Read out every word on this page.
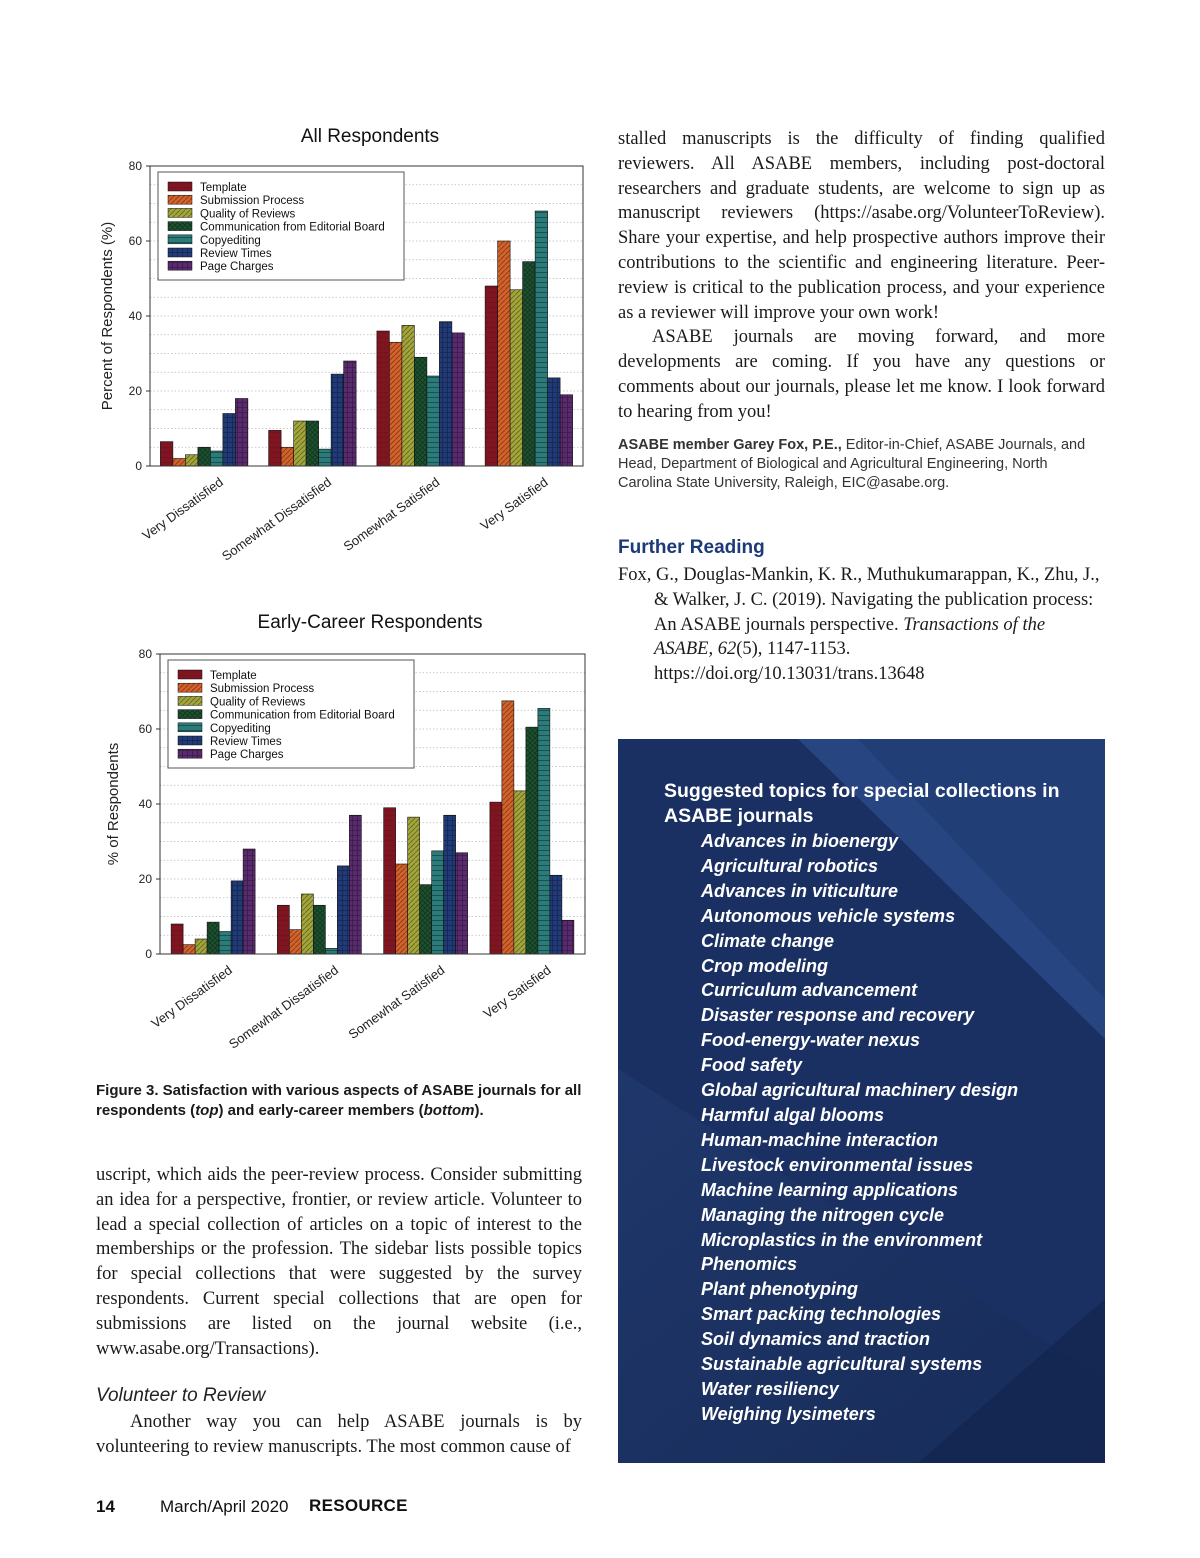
All Respondents
0
20
40
60
80
Very Dissatisfied
Somewhat Dissatisfied Somewhat Satisfied	Very Satisfied
Percent of Respondents (%)
Template
Submission Process
Quality of Reviews
Communication from Editorial Board
Copyediting
Review Times
Page Charges
Early-Career Respondents
0
20
40
60
80
Very Dissatisfied
Somewhat Dissatisfied Somewhat Satisfied	Very Satisfied
% of Respondents
Template
Submission Process
Quality of Reviews
Communication from Editorial Board
Copyediting
Review Times
Page Charges
Figure 3. Satisfaction with various aspects of ASABE journals for all respondents (top) and early-career members (bottom).

uscript, which aids the peer-review process. Consider submitting an idea for a perspective, frontier, or review article. Volunteer to lead a special collection of articles on a topic of interest to the memberships or the profession. The sidebar lists possible topics for special collections that were suggested by the survey respondents. Current special collections that are open for submissions are listed on the journal website (i.e., www.asabe.org/Transactions).

Volunteer to Review

Another way you can help ASABE journals is by volunteering to review manuscripts. The most common cause of

stalled manuscripts is the difficulty of finding qualified reviewers. All ASABE members, including post-doctoral researchers and graduate students, are welcome to sign up as manuscript reviewers (https://asabe.org/VolunteerToReview). Share your expertise, and help prospective authors improve their contributions to the scientific and engineering literature. Peer-review is critical to the publication process, and your experience as a reviewer will improve your own work!

ASABE journals are moving forward, and more developments are coming. If you have any questions or comments about our journals, please let me know. I look forward to hearing from you!

ASABE member Garey Fox, P.E., Editor-in-Chief, ASABE Journals, and Head, Department of Biological and Agricultural Engineering, North Carolina State University, Raleigh, EIC@asabe.org.
Further Reading
Fox, G., Douglas-Mankin, K. R., Muthukumarappan, K., Zhu, J., & Walker, J. C. (2019). Navigating the publication process: An ASABE journals perspective. Transactions of the ASABE, 62(5), 1147-1153. https://doi.org/10.13031/trans.13648
Suggested topics for special collections in ASABE journals
Advances in bioenergy
Agricultural robotics
Advances in viticulture
Autonomous vehicle systems
Climate change
Crop modeling
Curriculum advancement
Disaster response and recovery
Food-energy-water nexus
Food safety
Global agricultural machinery design
Harmful algal blooms
Human-machine interaction
Livestock environmental issues
Machine learning applications
Managing the nitrogen cycle
Microplastics in the environment
Phenomics
Plant phenotyping
Smart packing technologies
Soil dynamics and traction
Sustainable agricultural systems
Water resiliency
Weighing lysimeters
14	March/April 2020 RESOURCE
